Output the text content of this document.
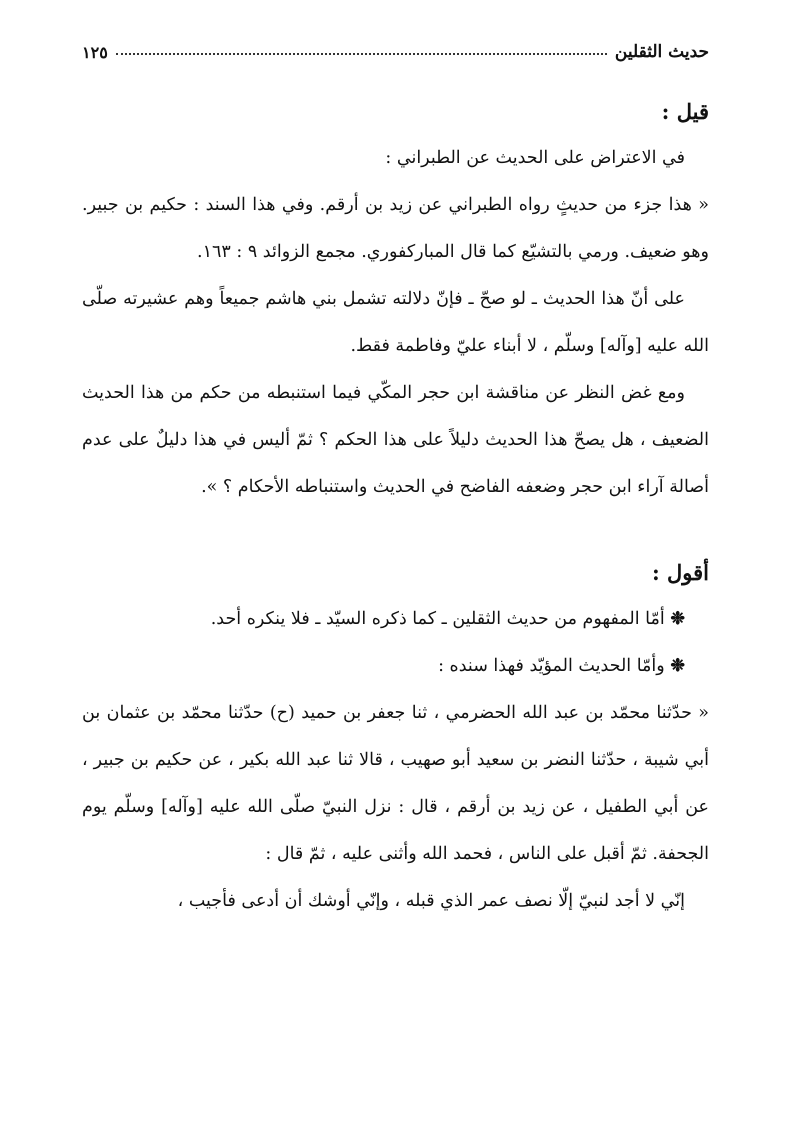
حديث الثقلين
١٢٥

قيل :

في الاعتراض على الحديث عن الطبراني :

« هذا جزء من حديثٍ رواه الطبراني عن زيد بن أرقم. وفي هذا السند : حكيم بن جبير. وهو ضعيف. ورمي بالتشيّع كما قال المباركفوري. مجمع الزوائد ٩ : ١٦٣.

على أنّ هذا الحديث ـ لو صحّ ـ فإنّ دلالته تشمل بني هاشم جميعاً وهم عشيرته صلّى الله عليه [وآله] وسلّم ، لا أبناء عليّ وفاطمة فقط.

ومع غض النظر عن مناقشة ابن حجر المكّي فيما استنبطه من حكم من هذا الحديث الضعيف ، هل يصحّ هذا الحديث دليلاً على هذا الحكم ؟ ثمّ أليس في هذا دليلٌ على عدم أصالة آراء ابن حجر وضعفه الفاضح في الحديث واستنباطه الأحكام ؟ ».

أقول :

❉ أمّا المفهوم من حديث الثقلين ـ كما ذكره السيّد ـ فلا ينكره أحد.

❉ وأمّا الحديث المؤيّد فهذا سنده :

« حدّثنا محمّد بن عبد الله الحضرمي ، ثنا جعفر بن حميد (ح) حدّثنا محمّد بن عثمان بن أبي شيبة ، حدّثنا النضر بن سعيد أبو صهيب ، قالا ثنا عبد الله بكير ، عن حكيم بن جبير ، عن أبي الطفيل ، عن زيد بن أرقم ، قال : نزل النبيّ صلّى الله عليه [وآله] وسلّم يوم الجحفة. ثمّ أقبل على الناس ، فحمد الله وأثنى عليه ، ثمّ قال :

إنّي لا أجد لنبيّ إلّا نصف عمر الذي قبله ، وإنّي أوشك أن أدعى فأجيب ،
